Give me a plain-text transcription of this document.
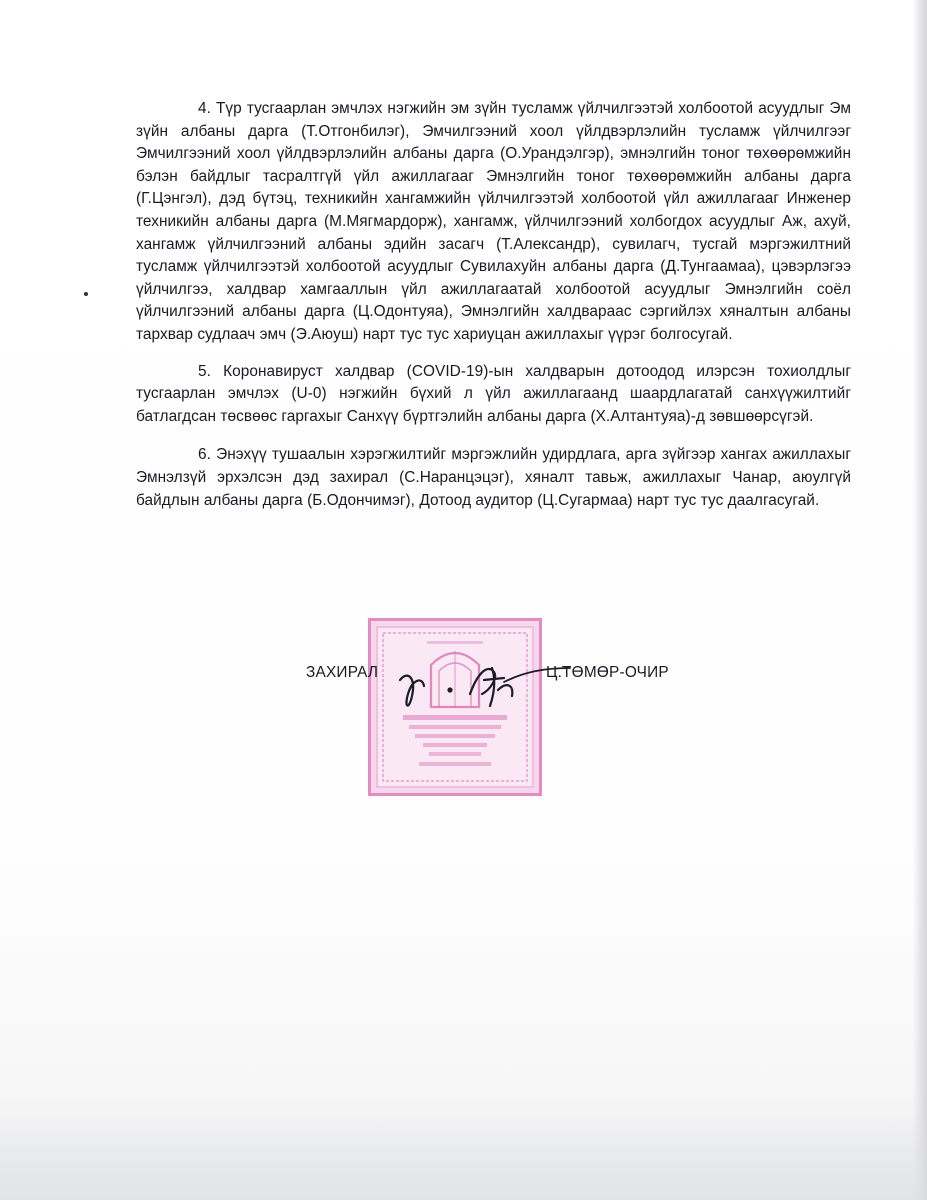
4. Түр тусгаарлан эмчлэх нэгжийн эм зүйн тусламж үйлчилгээтэй холбоотой асуудлыг Эм зүйн албаны дарга (Т.Отгонбилэг), Эмчилгээний хоол үйлдвэрлэлийн тусламж үйлчилгээг Эмчилгээний хоол үйлдвэрлэлийн албаны дарга (О.Урандэлгэр), эмнэлгийн тоног төхөөрөмжийн бэлэн байдлыг тасралтгүй үйл ажиллагааг Эмнэлгийн тоног төхөөрөмжийн албаны дарга (Г.Цэнгэл), дэд бүтэц, техникийн хангамжийн үйлчилгээтэй холбоотой үйл ажиллагааг Инженер техникийн албаны дарга (М.Мягмардорж), хангамж, үйлчилгээний холбогдох асуудлыг Аж, ахуй, хангамж үйлчилгээний албаны эдийн засагч (Т.Александр), сувилагч, тусгай мэргэжилтний тусламж үйлчилгээтэй холбоотой асуудлыг Сувилахуйн албаны дарга (Д.Тунгаамаа), цэвэрлэгээ үйлчилгээ, халдвар хамгааллын үйл ажиллагаатай холбоотой асуудлыг Эмнэлгийн соёл үйлчилгээний албаны дарга (Ц.Одонтуяа), Эмнэлгийн халдвараас сэргийлэх хяналтын албаны тархвар судлаач эмч (Э.Аюуш) нарт тус тус хариуцан ажиллахыг үүрэг болгосугай.

5. Коронавируст халдвар (COVID-19)-ын халдварын дотоодод илэрсэн тохиолдлыг тусгаарлан эмчлэх (U-0) нэгжийн бүхий л үйл ажиллагаанд шаардлагатай санхүүжилтийг батлагдсан төсвөөс гаргахыг Санхүү бүртгэлийн албаны дарга (Х.Алтантуяа)-д зөвшөөрсүгэй.

6. Энэхүү тушаалын хэрэгжилтийг мэргэжлийн удирдлага, арга зүйгээр хангах ажиллахыг Эмнэлзүй эрхэлсэн дэд захирал (С.Наранцэцэг), хяналт тавьж, ажиллахыг Чанар, аюулгүй байдлын албаны дарга (Б.Одончимэг), Дотоод аудитор (Ц.Сугармаа) нарт тус тус даалгасугай.

ЗАХИРАЛ	Ц.ТӨМӨР-ОЧИР
